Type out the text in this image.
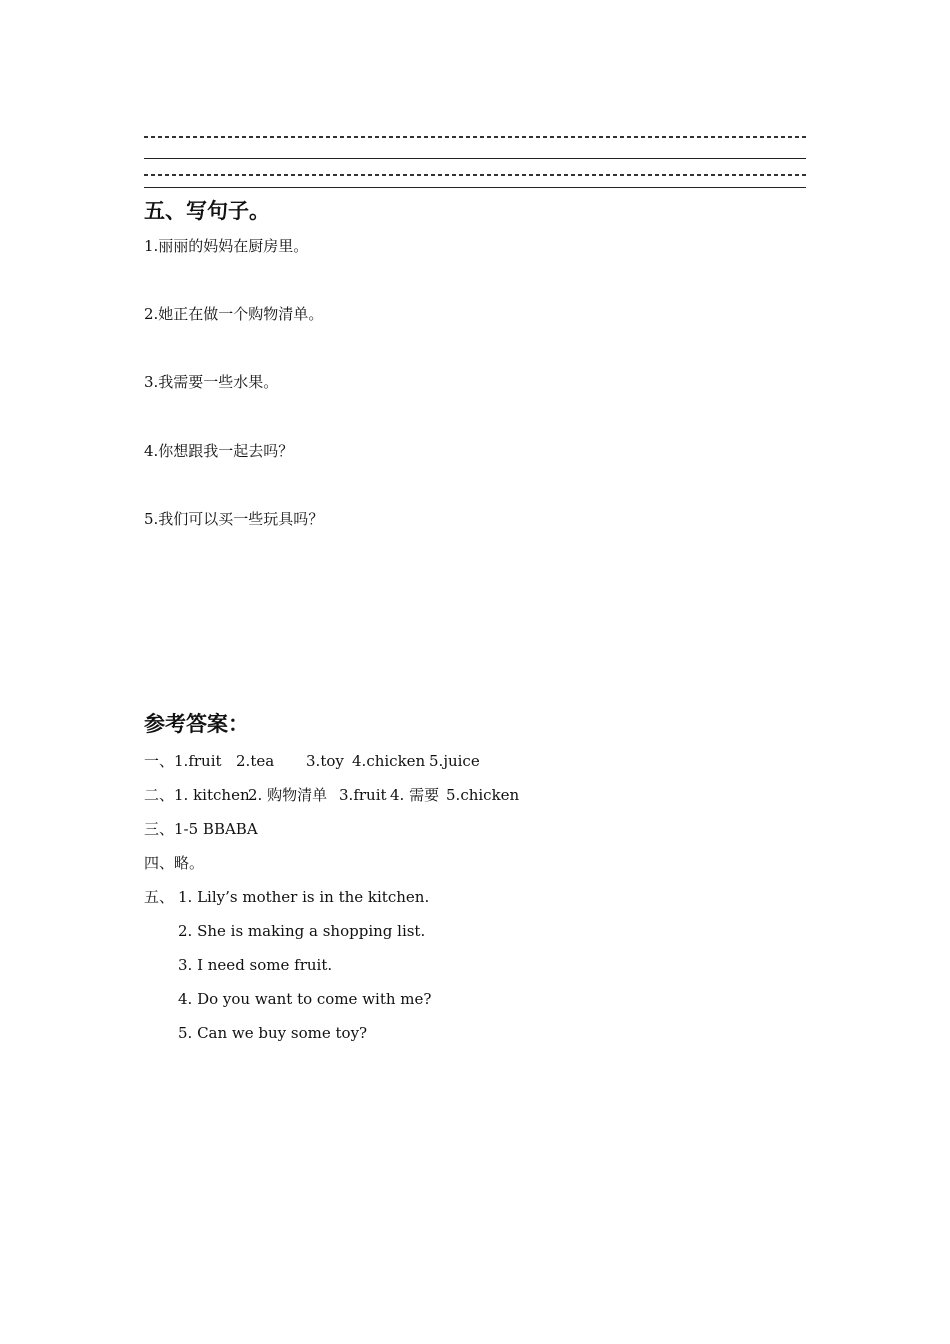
五、写句子。
1.丽丽的妈妈在厨房里。
2.她正在做一个购物清单。
3.我需要一些水果。
4.你想跟我一起去吗？
5.我们可以买一些玩具吗？
参考答案：
一、1.fruit 2.tea 3.toy 4.chicken 5.juice
二、1. kitchen2. 购物清单 3.fruit 4. 需要 5.chicken
三、1-5 BBABA
四、略。
五、 1. Lily’s mother is in the kitchen.
2. She is making a shopping list.
3. I need some fruit.
4. Do you want to come with me?
5. Can we buy some toy?
